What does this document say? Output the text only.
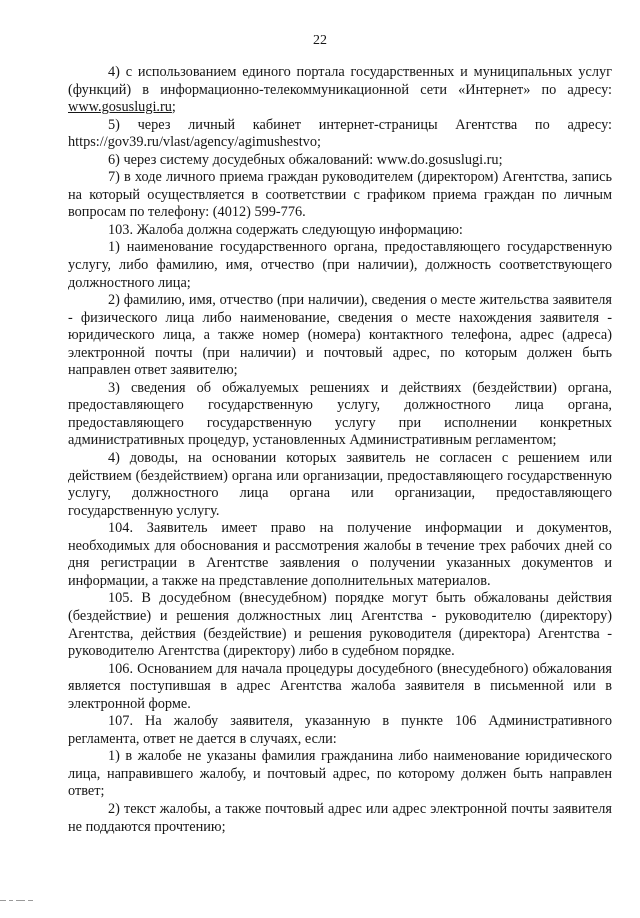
22

4) с использованием единого портала государственных и муниципальных услуг (функций) в информационно-телекоммуникационной сети «Интернет» по адресу: www.gosuslugi.ru;

5) через личный кабинет интернет-страницы Агентства по адресу: https://gov39.ru/vlast/agency/agimushestvo;

6) через систему досудебных обжалований: www.do.gosuslugi.ru;

7) в ходе личного приема граждан руководителем (директором) Агентства, запись на который осуществляется в соответствии с графиком приема граждан по личным вопросам по телефону: (4012) 599-776.

103. Жалоба должна содержать следующую информацию:

1) наименование государственного органа, предоставляющего государственную услугу, либо фамилию, имя, отчество (при наличии), должность соответствующего должностного лица;

2) фамилию, имя, отчество (при наличии), сведения о месте жительства заявителя - физического лица либо наименование, сведения о месте нахождения заявителя - юридического лица, а также номер (номера) контактного телефона, адрес (адреса) электронной почты (при наличии) и почтовый адрес, по которым должен быть направлен ответ заявителю;

3) сведения об обжалуемых решениях и действиях (бездействии) органа, предоставляющего государственную услугу, должностного лица органа, предоставляющего государственную услугу при исполнении конкретных административных процедур, установленных Административным регламентом;

4) доводы, на основании которых заявитель не согласен с решением или действием (бездействием) органа или организации, предоставляющего государственную услугу, должностного лица органа или организации, предоставляющего государственную услугу.

104. Заявитель имеет право на получение информации и документов, необходимых для обоснования и рассмотрения жалобы в течение трех рабочих дней со дня регистрации в Агентстве заявления о получении указанных документов и информации, а также на представление дополнительных материалов.

105. В досудебном (внесудебном) порядке могут быть обжалованы действия (бездействие) и решения должностных лиц Агентства - руководителю (директору) Агентства, действия (бездействие) и решения руководителя (директора) Агентства - руководителю Агентства (директору) либо в судебном порядке.

106. Основанием для начала процедуры досудебного (внесудебного) обжалования является поступившая в адрес Агентства жалоба заявителя в письменной или в электронной форме.

107. На жалобу заявителя, указанную в пункте 106 Административного регламента, ответ не дается в случаях, если:

1) в жалобе не указаны фамилия гражданина либо наименование юридического лица, направившего жалобу, и почтовый адрес, по которому должен быть направлен ответ;

2) текст жалобы, а также почтовый адрес или адрес электронной почты заявителя не поддаются прочтению;
